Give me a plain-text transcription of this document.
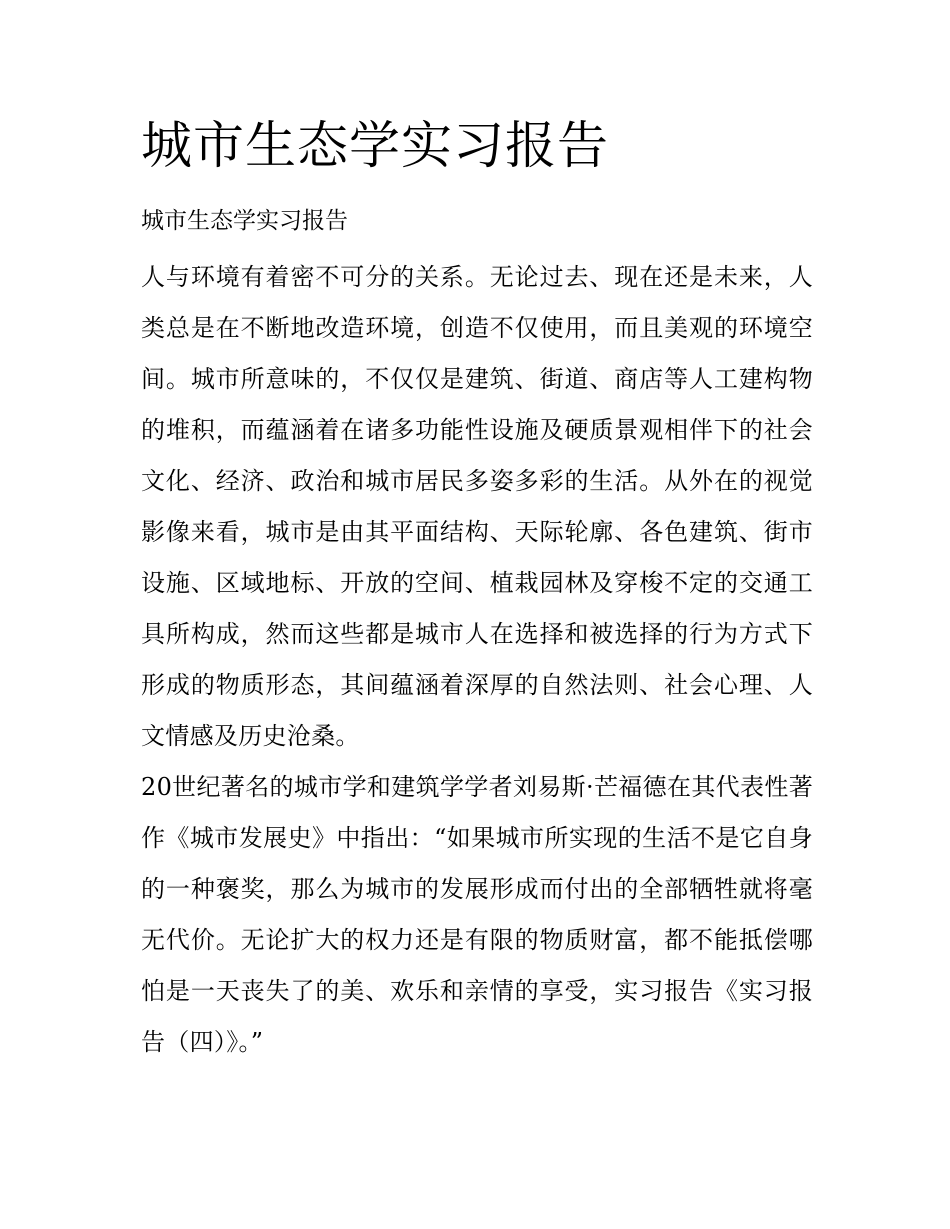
城市生态学实习报告
城市生态学实习报告

人与环境有着密不可分的关系。无论过去、现在还是未来，人类总是在不断地改造环境，创造不仅使用，而且美观的环境空间。城市所意味的，不仅仅是建筑、街道、商店等人工建构物的堆积，而蕴涵着在诸多功能性设施及硬质景观相伴下的社会文化、经济、政治和城市居民多姿多彩的生活。从外在的视觉影像来看，城市是由其平面结构、天际轮廓、各色建筑、街市设施、区域地标、开放的空间、植栽园林及穿梭不定的交通工具所构成，然而这些都是城市人在选择和被选择的行为方式下形成的物质形态，其间蕴涵着深厚的自然法则、社会心理、人文情感及历史沧桑。

20世纪著名的城市学和建筑学学者刘易斯·芒福德在其代表性著作《城市发展史》中指出：“如果城市所实现的生活不是它自身的一种褒奖，那么为城市的发展形成而付出的全部牺牲就将毫无代价。无论扩大的权力还是有限的物质财富，都不能抵偿哪怕是一天丧失了的美、欢乐和亲情的享受，实习报告《实习报告（四）》。”
